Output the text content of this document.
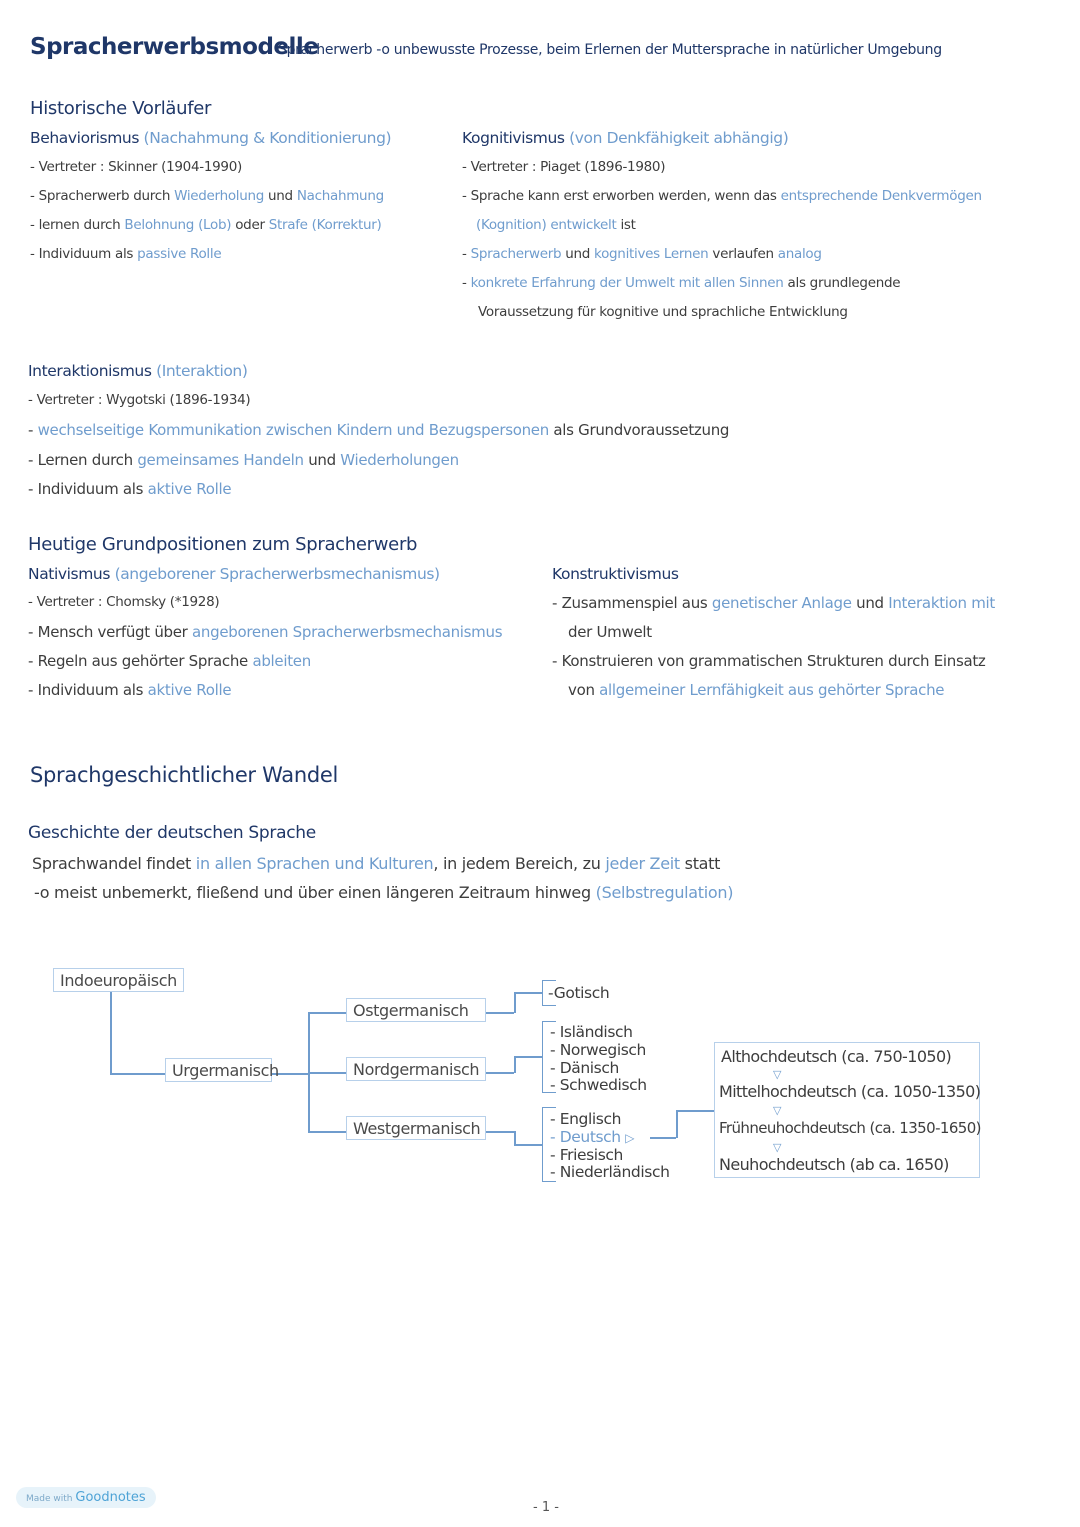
Spracherwerbsmodelle
Spracherwerb -o unbewusste Prozesse, beim Erlernen der Muttersprache in natürlicher Umgebung
Historische Vorläufer
Behaviorismus (Nachahmung & Konditionierung)
- Vertreter : Skinner (1904-1990)
- Spracherwerb durch Wiederholung und Nachahmung
- lernen durch Belohnung (Lob) oder Strafe (Korrektur)
- Individuum als passive Rolle
Kognitivismus (von Denkfähigkeit abhängig)
- Vertreter : Piaget (1896-1980)
- Sprache kann erst erworben werden, wenn das entsprechende Denkvermögen
(Kognition) entwickelt ist
- Spracherwerb und kognitives Lernen verlaufen analog
- konkrete Erfahrung der Umwelt mit allen Sinnen als grundlegende
Voraussetzung für kognitive und sprachliche Entwicklung
Interaktionismus (Interaktion)
- Vertreter : Wygotski (1896-1934)
- wechselseitige Kommunikation zwischen Kindern und Bezugspersonen als Grundvoraussetzung
- Lernen durch gemeinsames Handeln und Wiederholungen
- Individuum als aktive Rolle
Heutige Grundpositionen zum Spracherwerb
Nativismus (angeborener Spracherwerbsmechanismus)
- Vertreter : Chomsky (*1928)
- Mensch verfügt über angeborenen Spracherwerbsmechanismus
- Regeln aus gehörter Sprache ableiten
- Individuum als aktive Rolle
Konstruktivismus
- Zusammenspiel aus genetischer Anlage und Interaktion mit
der Umwelt
- Konstruieren von grammatischen Strukturen durch Einsatz
von allgemeiner Lernfähigkeit aus gehörter Sprache
Sprachgeschichtlicher Wandel
Geschichte der deutschen Sprache
Sprachwandel findet in allen Sprachen und Kulturen, in jedem Bereich, zu jeder Zeit statt
-o meist unbemerkt, fließend und über einen längeren Zeitraum hinweg (Selbstregulation)
Indoeuropäisch
Urgermanisch
Ostgermanisch
Nordgermanisch
Westgermanisch
-Gotisch
- Isländisch
- Norwegisch
- Dänisch
- Schwedisch
- Englisch
- Deutsch ▷
- Friesisch
- Niederländisch
Althochdeutsch (ca. 750-1050)
▽
Mittelhochdeutsch (ca. 1050-1350)
▽
Frühneuhochdeutsch (ca. 1350-1650)
▽
Neuhochdeutsch (ab ca. 1650)
Made with Goodnotes
- 1 -
